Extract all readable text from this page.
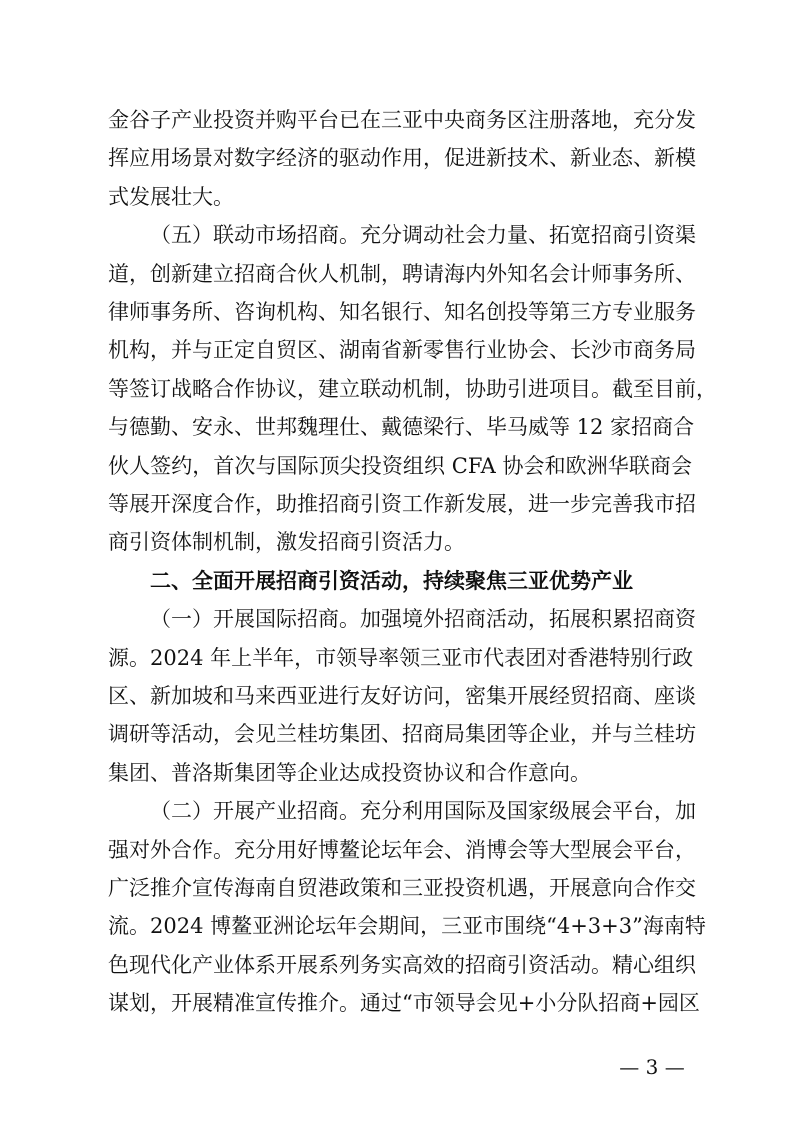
金谷子产业投资并购平台已在三亚中央商务区注册落地，充分发
挥应用场景对数字经济的驱动作用，促进新技术、新业态、新模
式发展壮大。
（五）联动市场招商。充分调动社会力量、拓宽招商引资渠
道，创新建立招商合伙人机制，聘请海内外知名会计师事务所、
律师事务所、咨询机构、知名银行、知名创投等第三方专业服务
机构，并与正定自贸区、湖南省新零售行业协会、长沙市商务局
等签订战略合作协议，建立联动机制，协助引进项目。截至目前，
与德勤、安永、世邦魏理仕、戴德梁行、毕马威等 12 家招商合
伙人签约，首次与国际顶尖投资组织 CFA 协会和欧洲华联商会
等展开深度合作，助推招商引资工作新发展，进一步完善我市招
商引资体制机制，激发招商引资活力。
二、全面开展招商引资活动，持续聚焦三亚优势产业
（一）开展国际招商。加强境外招商活动，拓展积累招商资
源。2024 年上半年，市领导率领三亚市代表团对香港特别行政
区、新加坡和马来西亚进行友好访问，密集开展经贸招商、座谈
调研等活动，会见兰桂坊集团、招商局集团等企业，并与兰桂坊
集团、普洛斯集团等企业达成投资协议和合作意向。
（二）开展产业招商。充分利用国际及国家级展会平台，加
强对外合作。充分用好博鳌论坛年会、消博会等大型展会平台，
广泛推介宣传海南自贸港政策和三亚投资机遇，开展意向合作交
流。2024 博鳌亚洲论坛年会期间，三亚市围绕“4+3+3”海南特
色现代化产业体系开展系列务实高效的招商引资活动。精心组织
谋划，开展精准宣传推介。通过“市领导会见+小分队招商+园区
— 3 —
